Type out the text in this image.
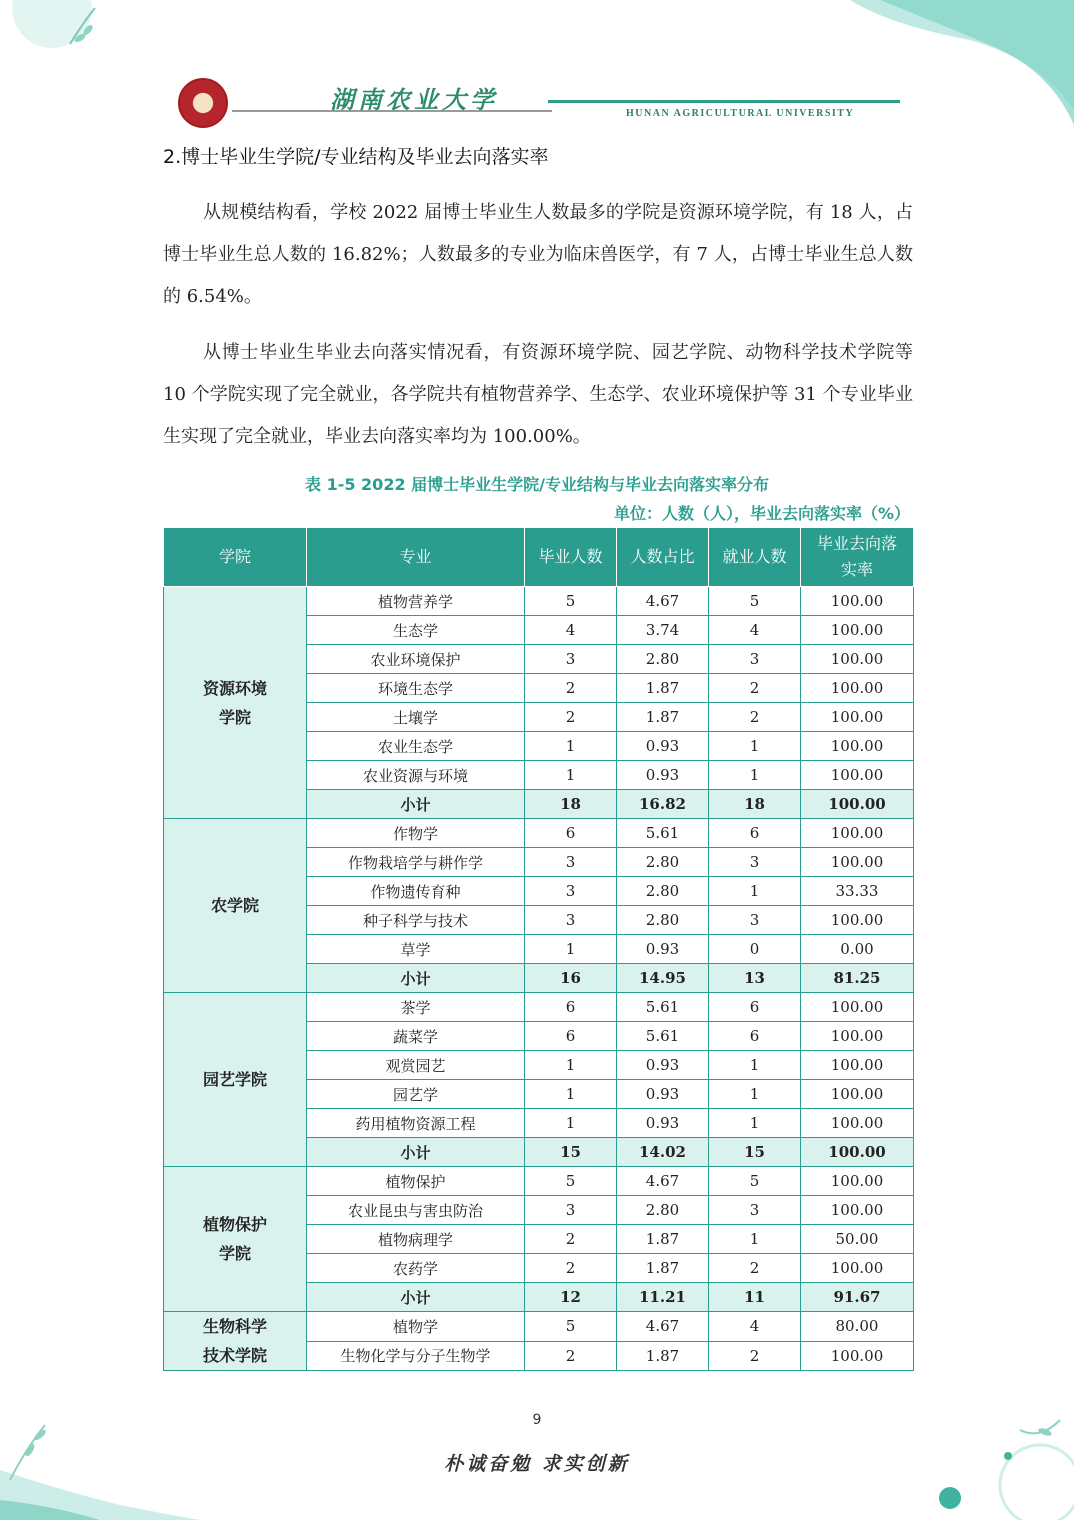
湖南农业大学	HUNAN AGRICULTURAL UNIVERSITY
2.博士毕业生学院/专业结构及毕业去向落实率
从规模结构看，学校 2022 届博士毕业生人数最多的学院是资源环境学院，有 18 人，占博士毕业生总人数的 16.82%；人数最多的专业为临床兽医学，有 7 人，占博士毕业生总人数的 6.54%。
从博士毕业生毕业去向落实情况看，有资源环境学院、园艺学院、动物科学技术学院等 10 个学院实现了完全就业，各学院共有植物营养学、生态学、农业环境保护等 31 个专业毕业生实现了完全就业，毕业去向落实率均为 100.00%。
表 1-5 2022 届博士毕业生学院/专业结构与毕业去向落实率分布
单位：人数（人），毕业去向落实率（%）
学院	专业	毕业人数	人数占比	就业人数	毕业去向落实率
资源环境学院	植物营养学	5	4.67	5	100.00
	生态学	4	3.74	4	100.00
	农业环境保护	3	2.80	3	100.00
	环境生态学	2	1.87	2	100.00
	土壤学	2	1.87	2	100.00
	农业生态学	1	0.93	1	100.00
	农业资源与环境	1	0.93	1	100.00
	小计	18	16.82	18	100.00
农学院	作物学	6	5.61	6	100.00
	作物栽培学与耕作学	3	2.80	3	100.00
	作物遗传育种	3	2.80	1	33.33
	种子科学与技术	3	2.80	3	100.00
	草学	1	0.93	0	0.00
	小计	16	14.95	13	81.25
园艺学院	茶学	6	5.61	6	100.00
	蔬菜学	6	5.61	6	100.00
	观赏园艺	1	0.93	1	100.00
	园艺学	1	0.93	1	100.00
	药用植物资源工程	1	0.93	1	100.00
	小计	15	14.02	15	100.00
植物保护学院	植物保护	5	4.67	5	100.00
	农业昆虫与害虫防治	3	2.80	3	100.00
	植物病理学	2	1.87	1	50.00
	农药学	2	1.87	2	100.00
	小计	12	11.21	11	91.67
生物科学技术学院	植物学	5	4.67	4	80.00
	生物化学与分子生物学	2	1.87	2	100.00
9
朴诚奋勉 求实创新
